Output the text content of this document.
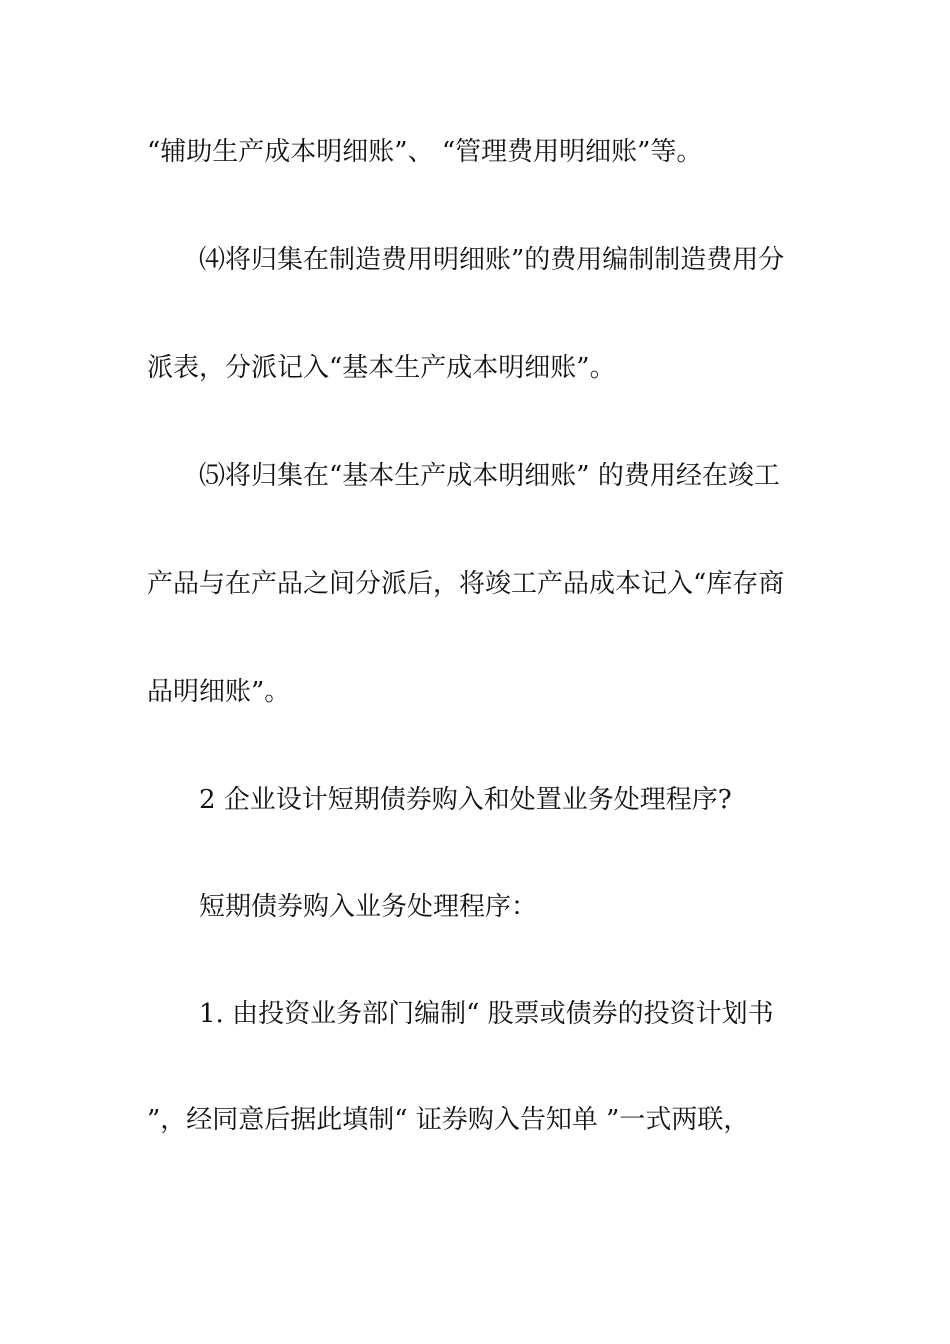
“辅助生产成本明细账”、 “管理费用明细账”等。
⑷将归集在制造费用明细账”的费用编制制造费用分
派表，分派记入“基本生产成本明细账”。
⑸将归集在“基本生产成本明细账” 的费用经在竣工
产品与在产品之间分派后，将竣工产品成本记入“库存商
品明细账”。
2 企业设计短期债券购入和处置业务处理程序?
短期债券购入业务处理程序：
1. 由投资业务部门编制“ 股票或债券的投资计划书
”，经同意后据此填制“ 证券购入告知单 ”一式两联，
